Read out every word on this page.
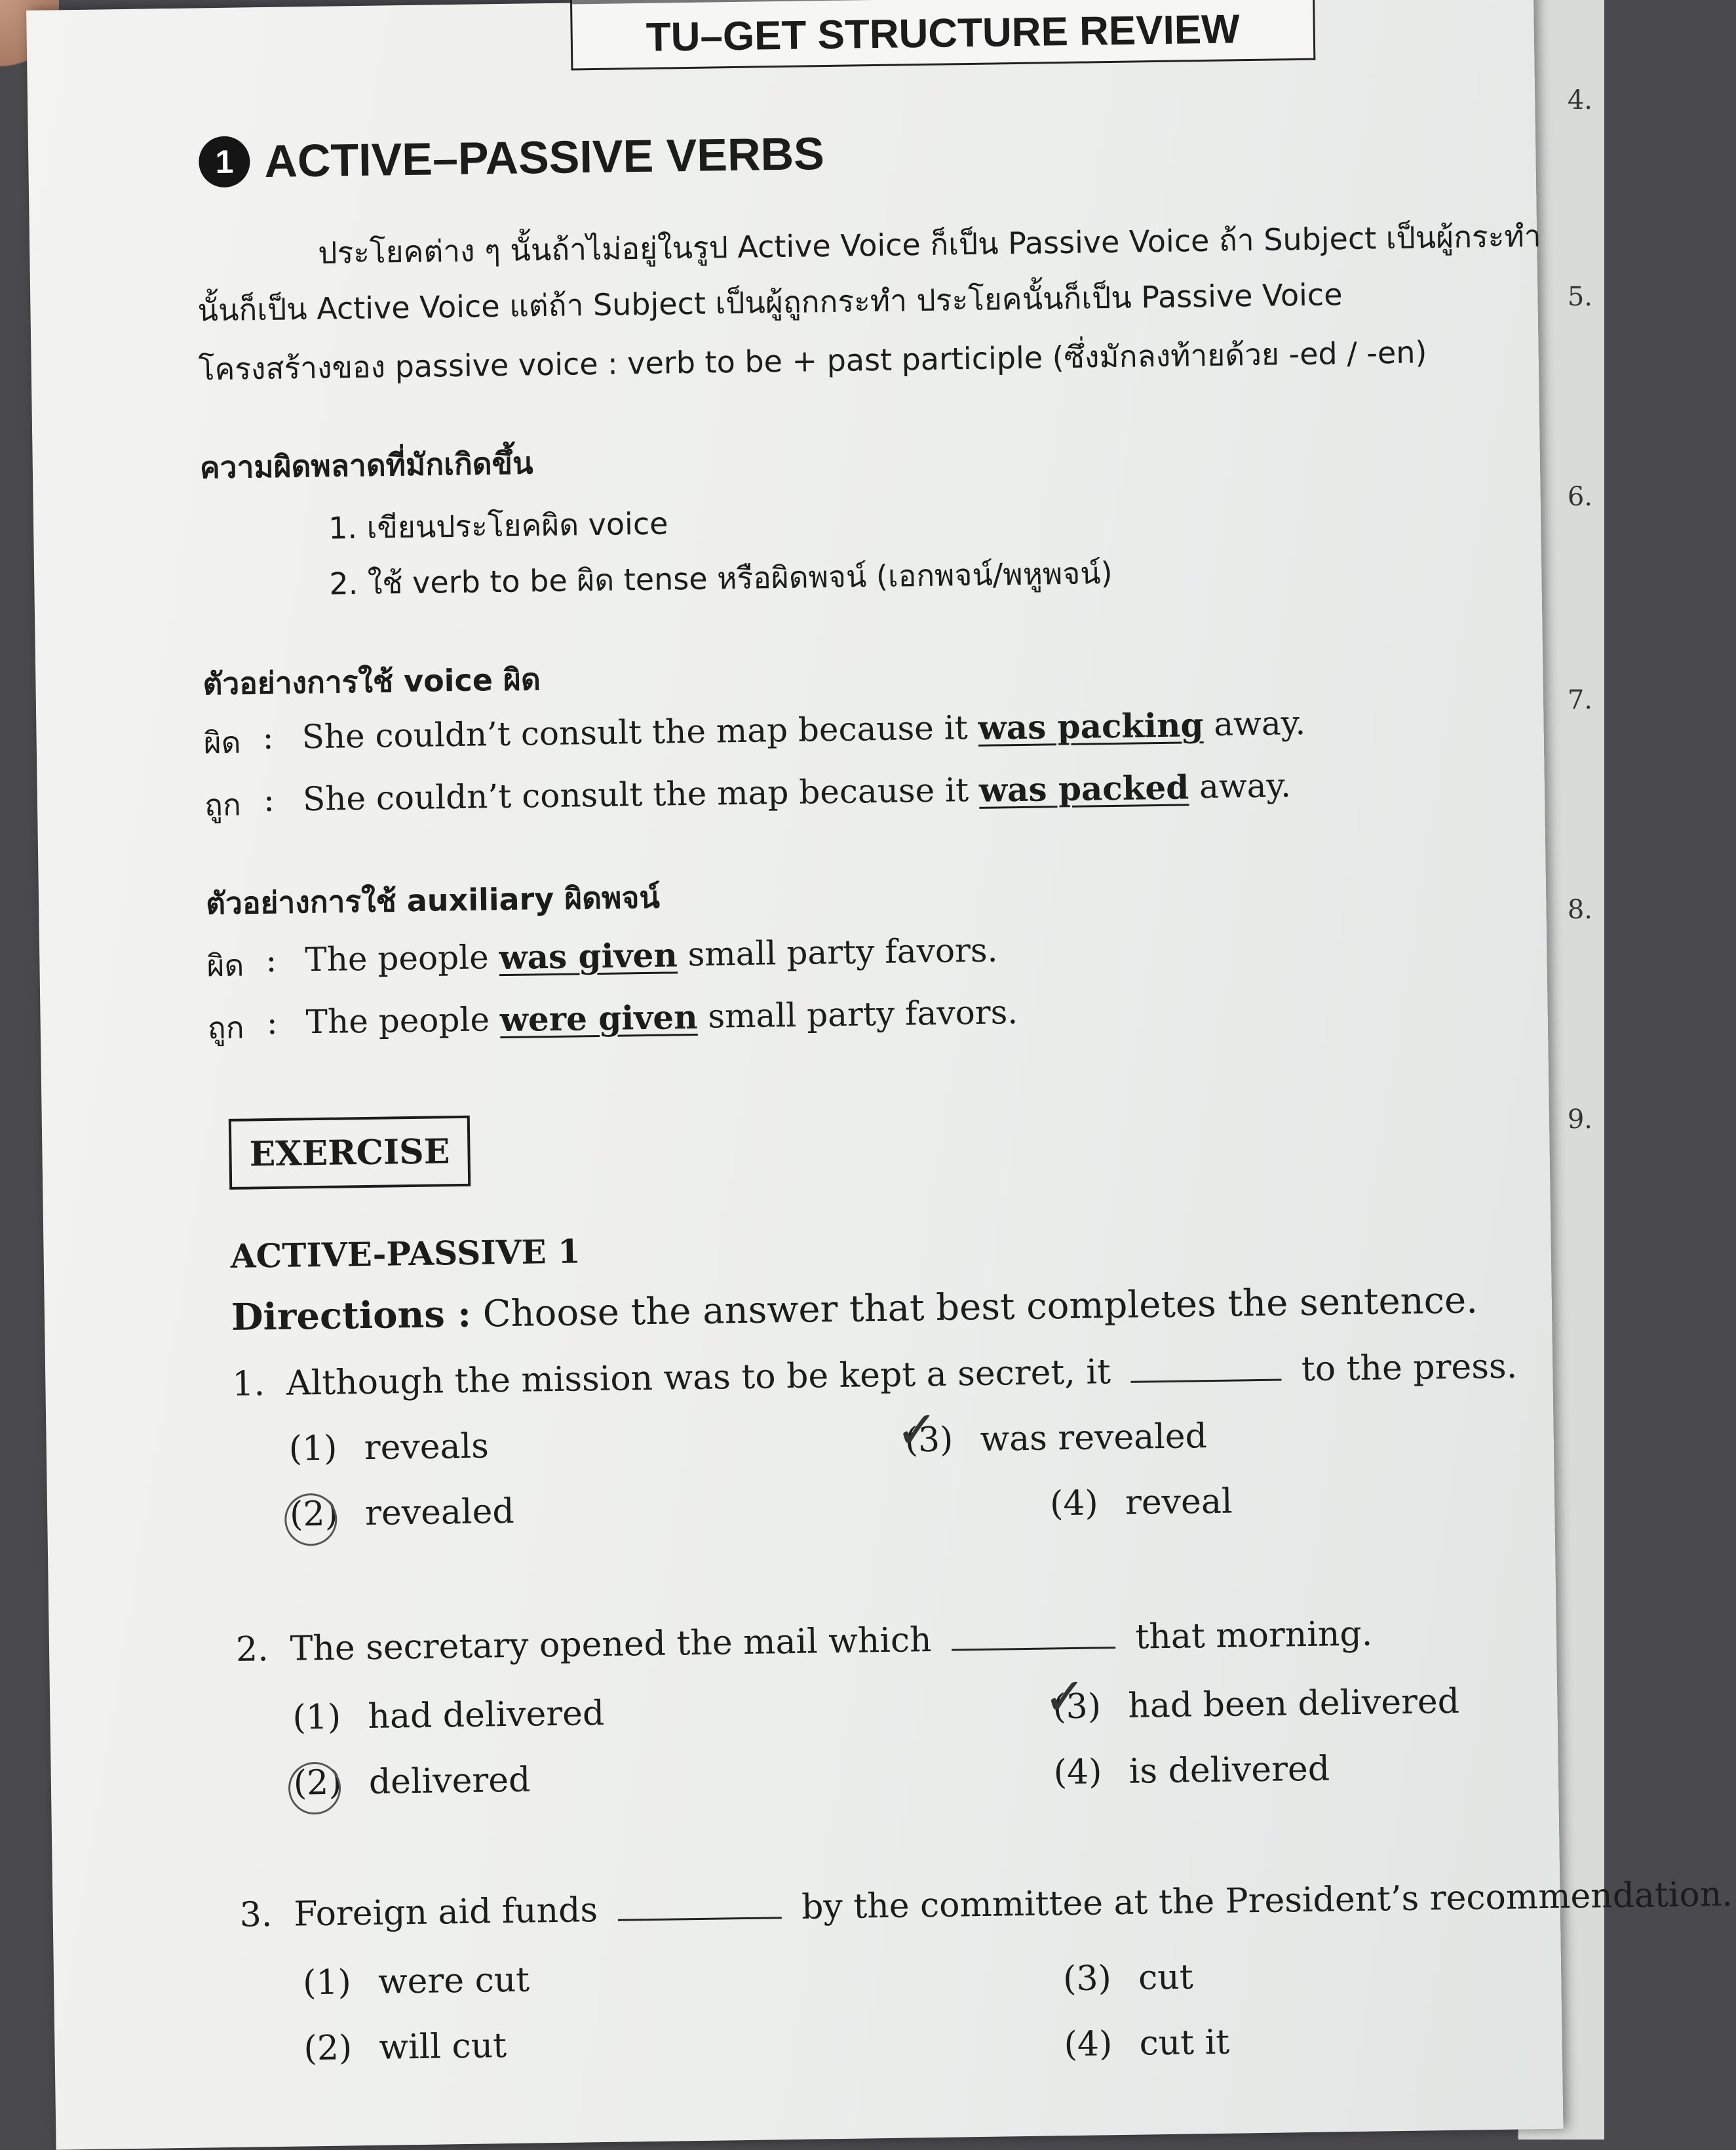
4.
5.
6.
7.
8.
9.
TU–GET STRUCTURE REVIEW
1 ACTIVE–PASSIVE VERBS
ประโยคต่าง ๆ นั้นถ้าไม่อยู่ในรูป Active Voice ก็เป็น Passive Voice ถ้า Subject เป็นผู้กระทำ
นั้นก็เป็น Active Voice แต่ถ้า Subject เป็นผู้ถูกกระทำ ประโยคนั้นก็เป็น Passive Voice
โครงสร้างของ passive voice : verb to be + past participle (ซึ่งมักลงท้ายด้วย -ed / -en)
ความผิดพลาดที่มักเกิดขึ้น
1. เขียนประโยคผิด voice
2. ใช้ verb to be ผิด tense หรือผิดพจน์ (เอกพจน์/พหูพจน์)
ตัวอย่างการใช้ voice ผิด
ผิด : She couldn’t consult the map because it was packing away.
ถูก : She couldn’t consult the map because it was packed away.
ตัวอย่างการใช้ auxiliary ผิดพจน์
ผิด : The people was given small party favors.
ถูก : The people were given small party favors.
EXERCISE
ACTIVE-PASSIVE 1
Directions : Choose the answer that best completes the sentence.
1. Although the mission was to be kept a secret, it	to the press.
(1) reveals
(2) revealed
(3) ✓ was revealed
(4) reveal
2. The secretary opened the mail which	that morning.
(1) had delivered
(2) delivered
(3) ✓ had been delivered
(4) is delivered
3. Foreign aid funds	by the committee at the President’s recommendation.
(1) were cut
(2) will cut
(3) cut
(4) cut it
